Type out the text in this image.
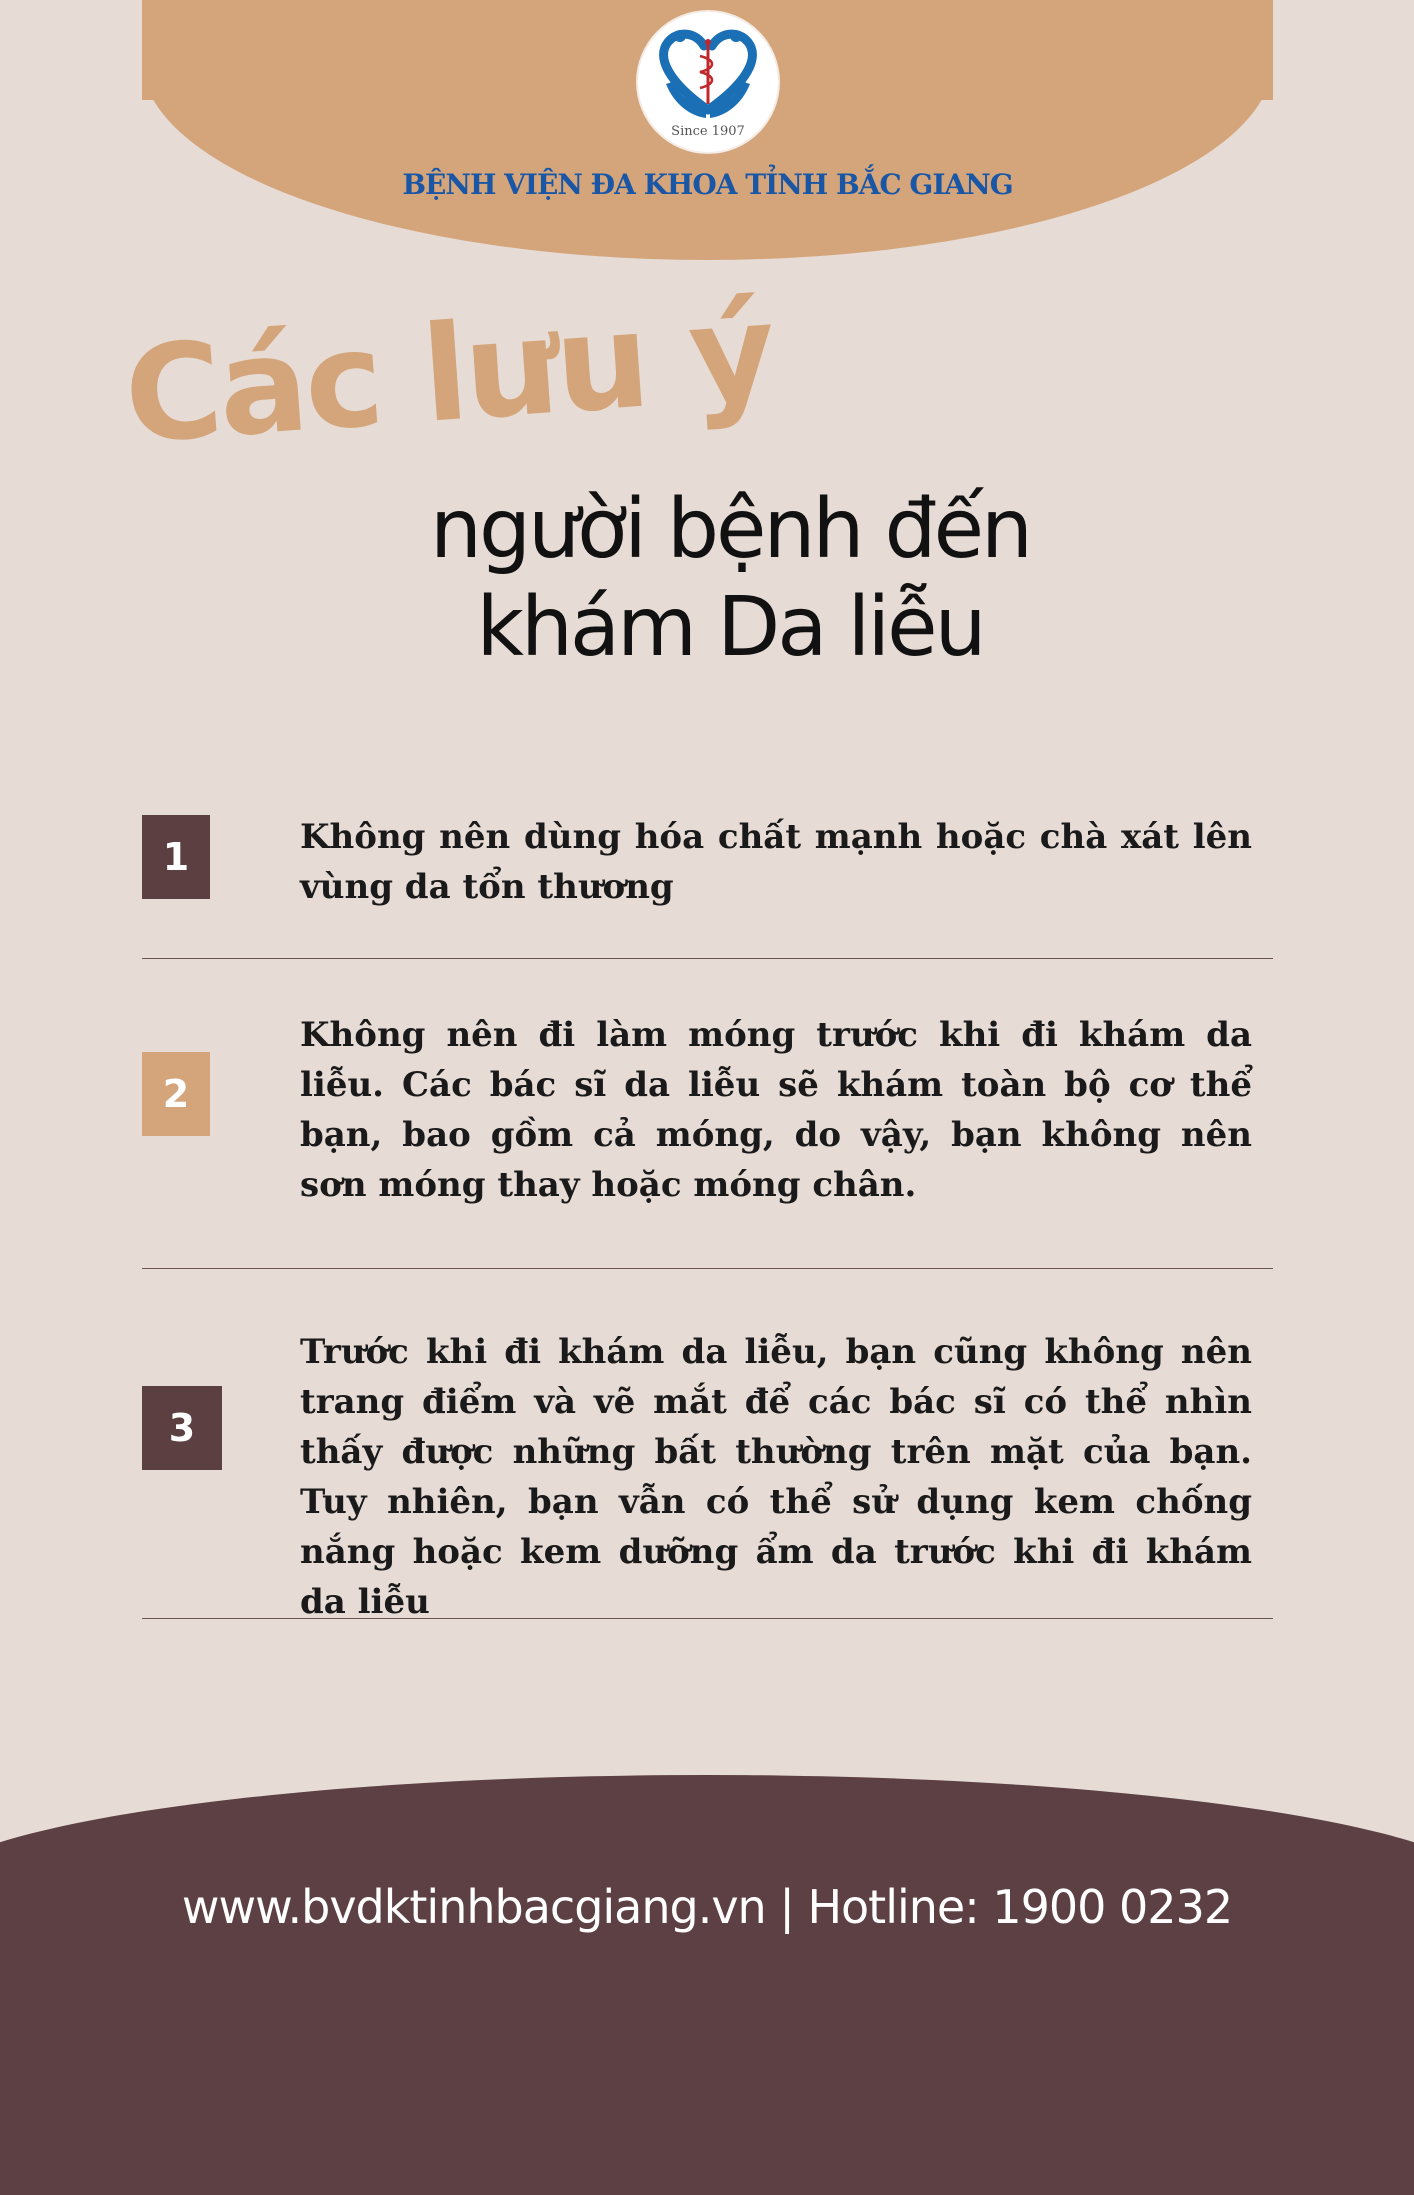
Since 1907
BỆNH VIỆN ĐA KHOA TỈNH BẮC GIANG
Các lưu ý
người bệnh đến
khám Da liễu
1	Không nên dùng hóa chất mạnh hoặc chà xát lên vùng da tổn thương
2
Không nên đi làm móng trước khi đi khám da liễu. Các bác sĩ da liễu sẽ khám toàn bộ cơ thể bạn, bao gồm cả móng, do vậy, bạn không nên sơn móng thay hoặc móng chân.
3
Trước khi đi khám da liễu, bạn cũng không nên trang điểm và vẽ mắt để các bác sĩ có thể nhìn thấy được những bất thường trên mặt của bạn. Tuy nhiên, bạn vẫn có thể sử dụng kem chống nắng hoặc kem dưỡng ẩm da trước khi đi khám da liễu
www.bvdktinhbacgiang.vn | Hotline: 1900 0232
